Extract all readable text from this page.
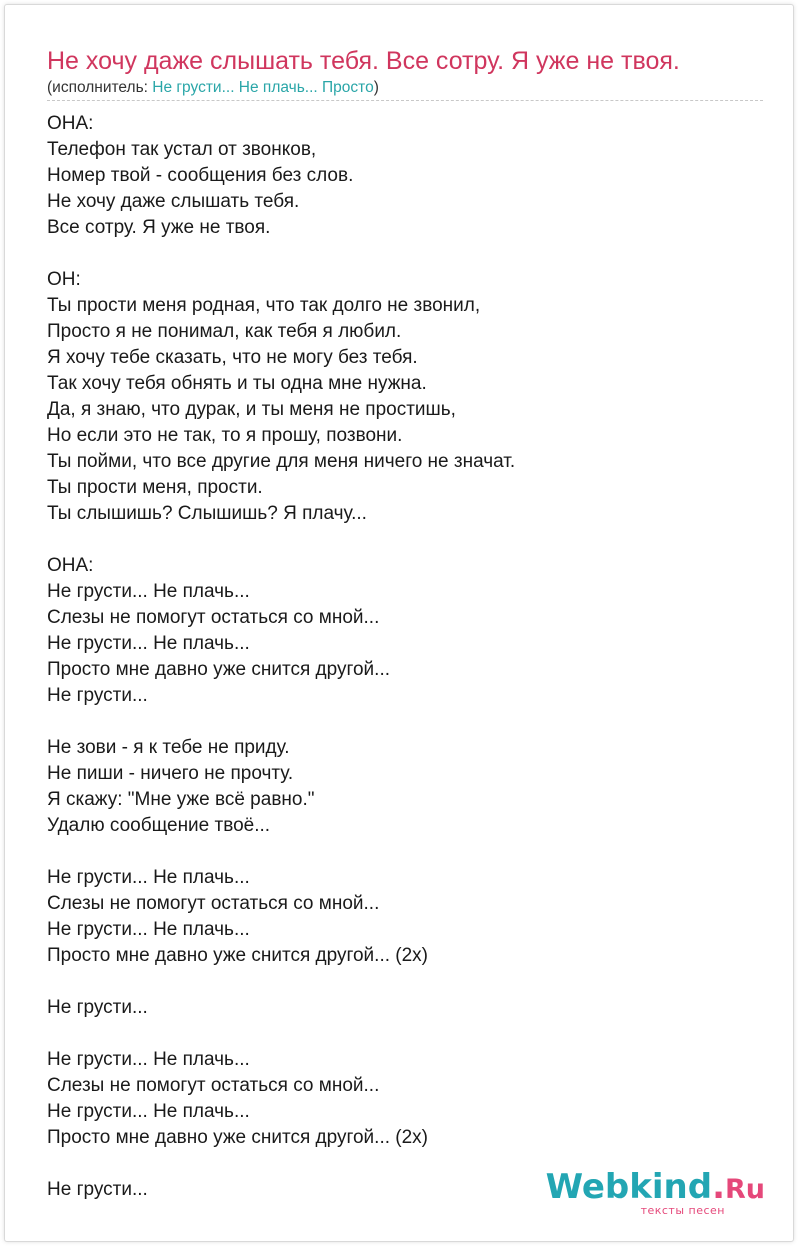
Не хочу даже слышать тебя. Все сотру. Я уже не твоя.
(исполнитель: Не грусти... Не плачь... Просто)
ОНА:
Телефон так устал от звонков,
Номер твой - сообщения без слов.
Не хочу даже слышать тебя.
Все сотру. Я уже не твоя.
ОН:
Ты прости меня родная, что так долго не звонил,
Просто я не понимал, как тебя я любил.
Я хочу тебе сказать, что не могу без тебя.
Так хочу тебя обнять и ты одна мне нужна.
Да, я знаю, что дурак, и ты меня не простишь,
Но если это не так, то я прошу, позвони.
Ты пойми, что все другие для меня ничего не значат.
Ты прости меня, прости.
Ты слышишь? Слышишь? Я плачу...
ОНА:
Не грусти... Не плачь...
Слезы не помогут остаться со мной...
Не грусти... Не плачь...
Просто мне давно уже снится другой...
Не грусти...
Не зови - я к тебе не приду.
Не пиши - ничего не прочту.
Я скажу: "Мне уже всё равно."
Удалю сообщение твоё...
Не грусти... Не плачь...
Слезы не помогут остаться со мной...
Не грусти... Не плачь...
Просто мне давно уже снится другой... (2x)
Не грусти...
Не грусти... Не плачь...
Слезы не помогут остаться со мной...
Не грусти... Не плачь...
Просто мне давно уже снится другой... (2x)
Не грусти...	Webkind.Ru
тексты песен
